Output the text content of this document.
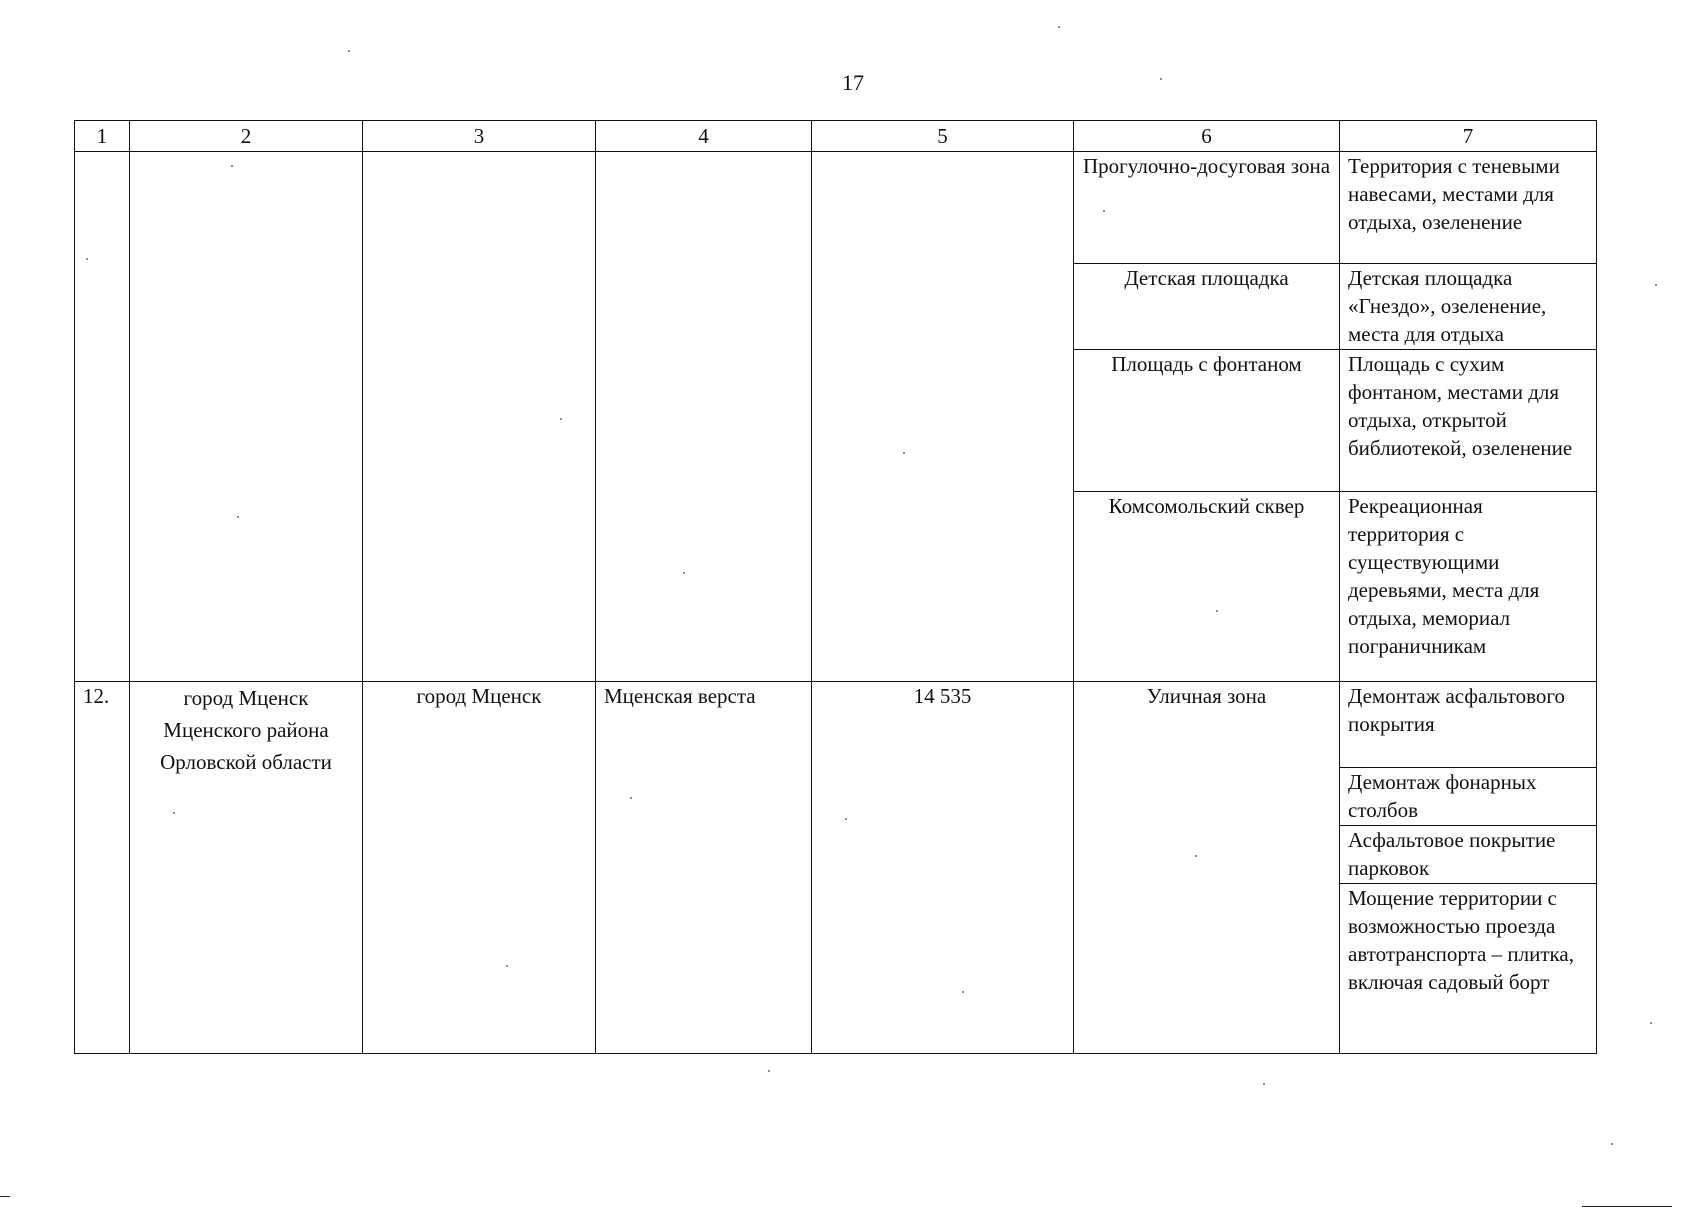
17
1	2	3	4	5	6	7
					Прогулочно-досуговая зона	Территория с теневыми навесами, местами для отдыха, озеленение
					Детская площадка	Детская площадка «Гнездо», озеленение, места для отдыха
					Площадь с фонтаном	Площадь с сухим фонтаном, местами для отдыха, открытой библиотекой, озеленение
					Комсомольский сквер	Рекреационная территория с существующими деревьями, места для отдыха, мемориал пограничникам
12.	город Мценск Мценского района Орловской области	город Мценск	Мценская верста	14 535	Уличная зона	Демонтаж асфальтового покрытия
						Демонтаж фонарных столбов
						Асфальтовое покрытие парковок
						Мощение территории с возможностью проезда автотранспорта – плитка, включая садовый борт
